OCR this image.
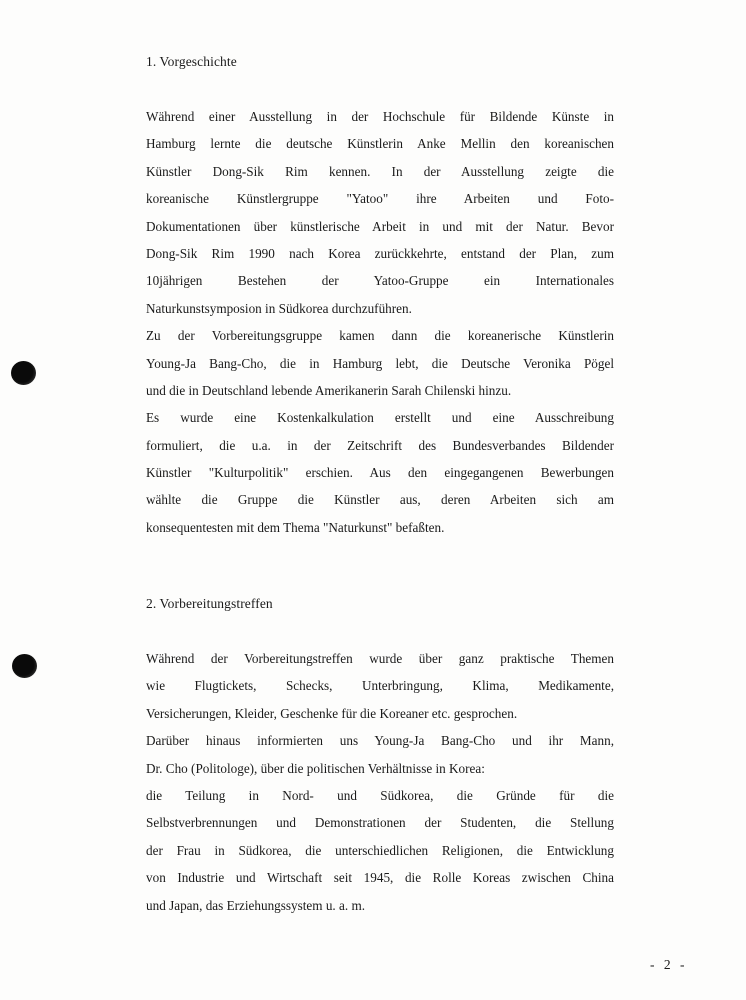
1. Vorgeschichte
Während einer Ausstellung in der Hochschule für Bildende Künste in
Hamburg lernte die deutsche Künstlerin Anke Mellin den koreanischen
Künstler Dong-Sik Rim kennen. In der Ausstellung zeigte die
koreanische Künstlergruppe "Yatoo" ihre Arbeiten und Foto-
Dokumentationen über künstlerische Arbeit in und mit der Natur. Bevor
Dong-Sik Rim 1990 nach Korea zurückkehrte, entstand der Plan, zum
10jährigen Bestehen der Yatoo-Gruppe ein Internationales
Naturkunstsymposion in Südkorea durchzuführen.
Zu der Vorbereitungsgruppe kamen dann die koreanerische Künstlerin
Young-Ja Bang-Cho, die in Hamburg lebt, die Deutsche Veronika Pögel
und die in Deutschland lebende Amerikanerin Sarah Chilenski hinzu.
Es wurde eine Kostenkalkulation erstellt und eine Ausschreibung
formuliert, die u.a. in der Zeitschrift des Bundesverbandes Bildender
Künstler "Kulturpolitik" erschien. Aus den eingegangenen Bewerbungen
wählte die Gruppe die Künstler aus, deren Arbeiten sich am
konsequentesten mit dem Thema "Naturkunst" befaßten.
2. Vorbereitungstreffen
Während der Vorbereitungstreffen wurde über ganz praktische Themen
wie Flugtickets, Schecks, Unterbringung, Klima, Medikamente,
Versicherungen, Kleider, Geschenke für die Koreaner etc. gesprochen.
Darüber hinaus informierten uns Young-Ja Bang-Cho und ihr Mann,
Dr. Cho (Politologe), über die politischen Verhältnisse in Korea:
die Teilung in Nord- und Südkorea, die Gründe für die
Selbstverbrennungen und Demonstrationen der Studenten, die Stellung
der Frau in Südkorea, die unterschiedlichen Religionen, die Entwicklung
von Industrie und Wirtschaft seit 1945, die Rolle Koreas zwischen China
und Japan, das Erziehungssystem u. a. m.
- 2 -
